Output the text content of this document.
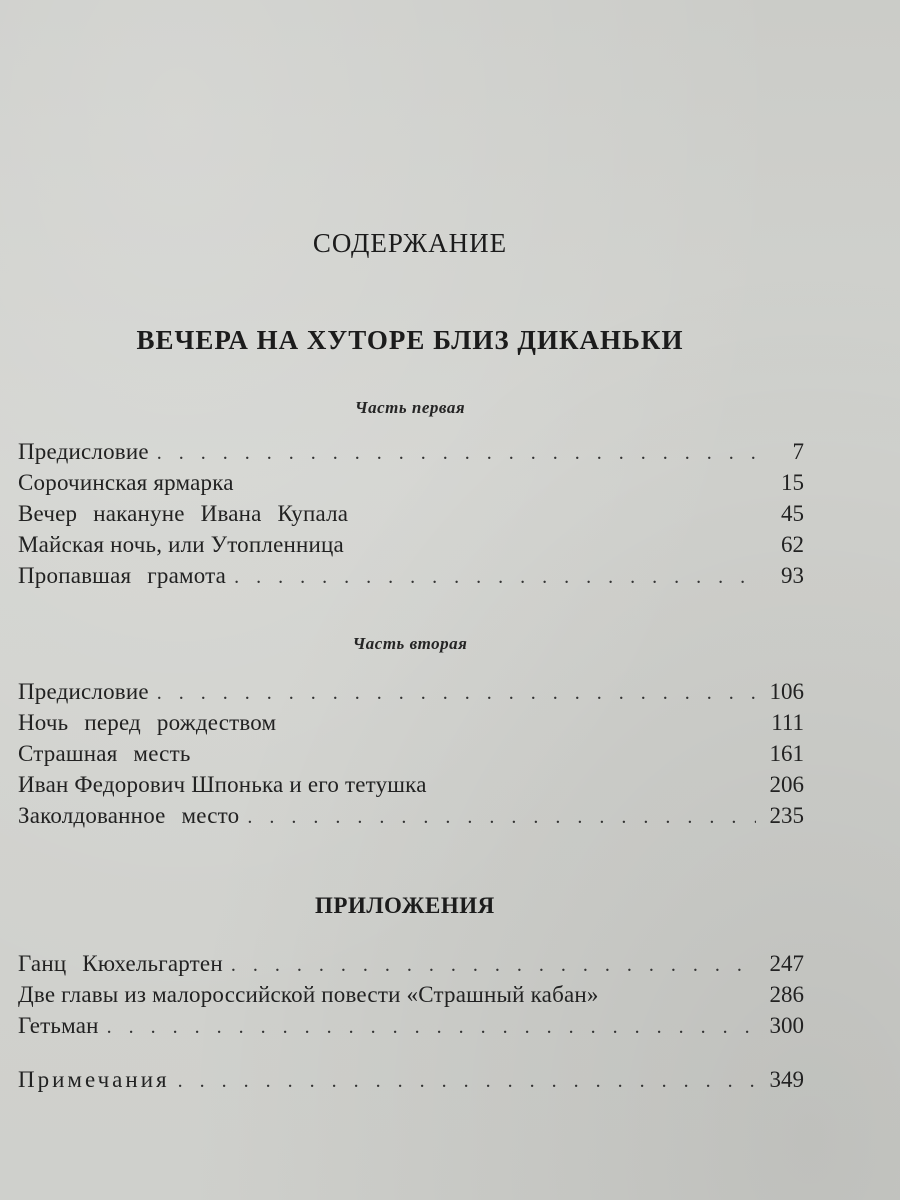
СОДЕРЖАНИЕ
ВЕЧЕРА НА ХУТОРЕ БЛИЗ ДИКАНЬКИ
Часть первая
Предисловие . . .	7
Сорочинская ярмарка	15
Вечер накануне Ивана Купала	45
Майская ночь, или Утопленница	62
Пропавшая грамота . . .	93
Часть вторая
Предисловие . . .	106
Ночь перед рождеством	111
Страшная месть	161
Иван Федорович Шпонька и его тетушка	206
Заколдованное место . . .	235
ПРИЛОЖЕНИЯ
Ганц Кюхельгартен . . .	247
Две главы из малороссийской повести «Страшный кабан»	286
Гетьман . . .	300
Примечания . . .	349
